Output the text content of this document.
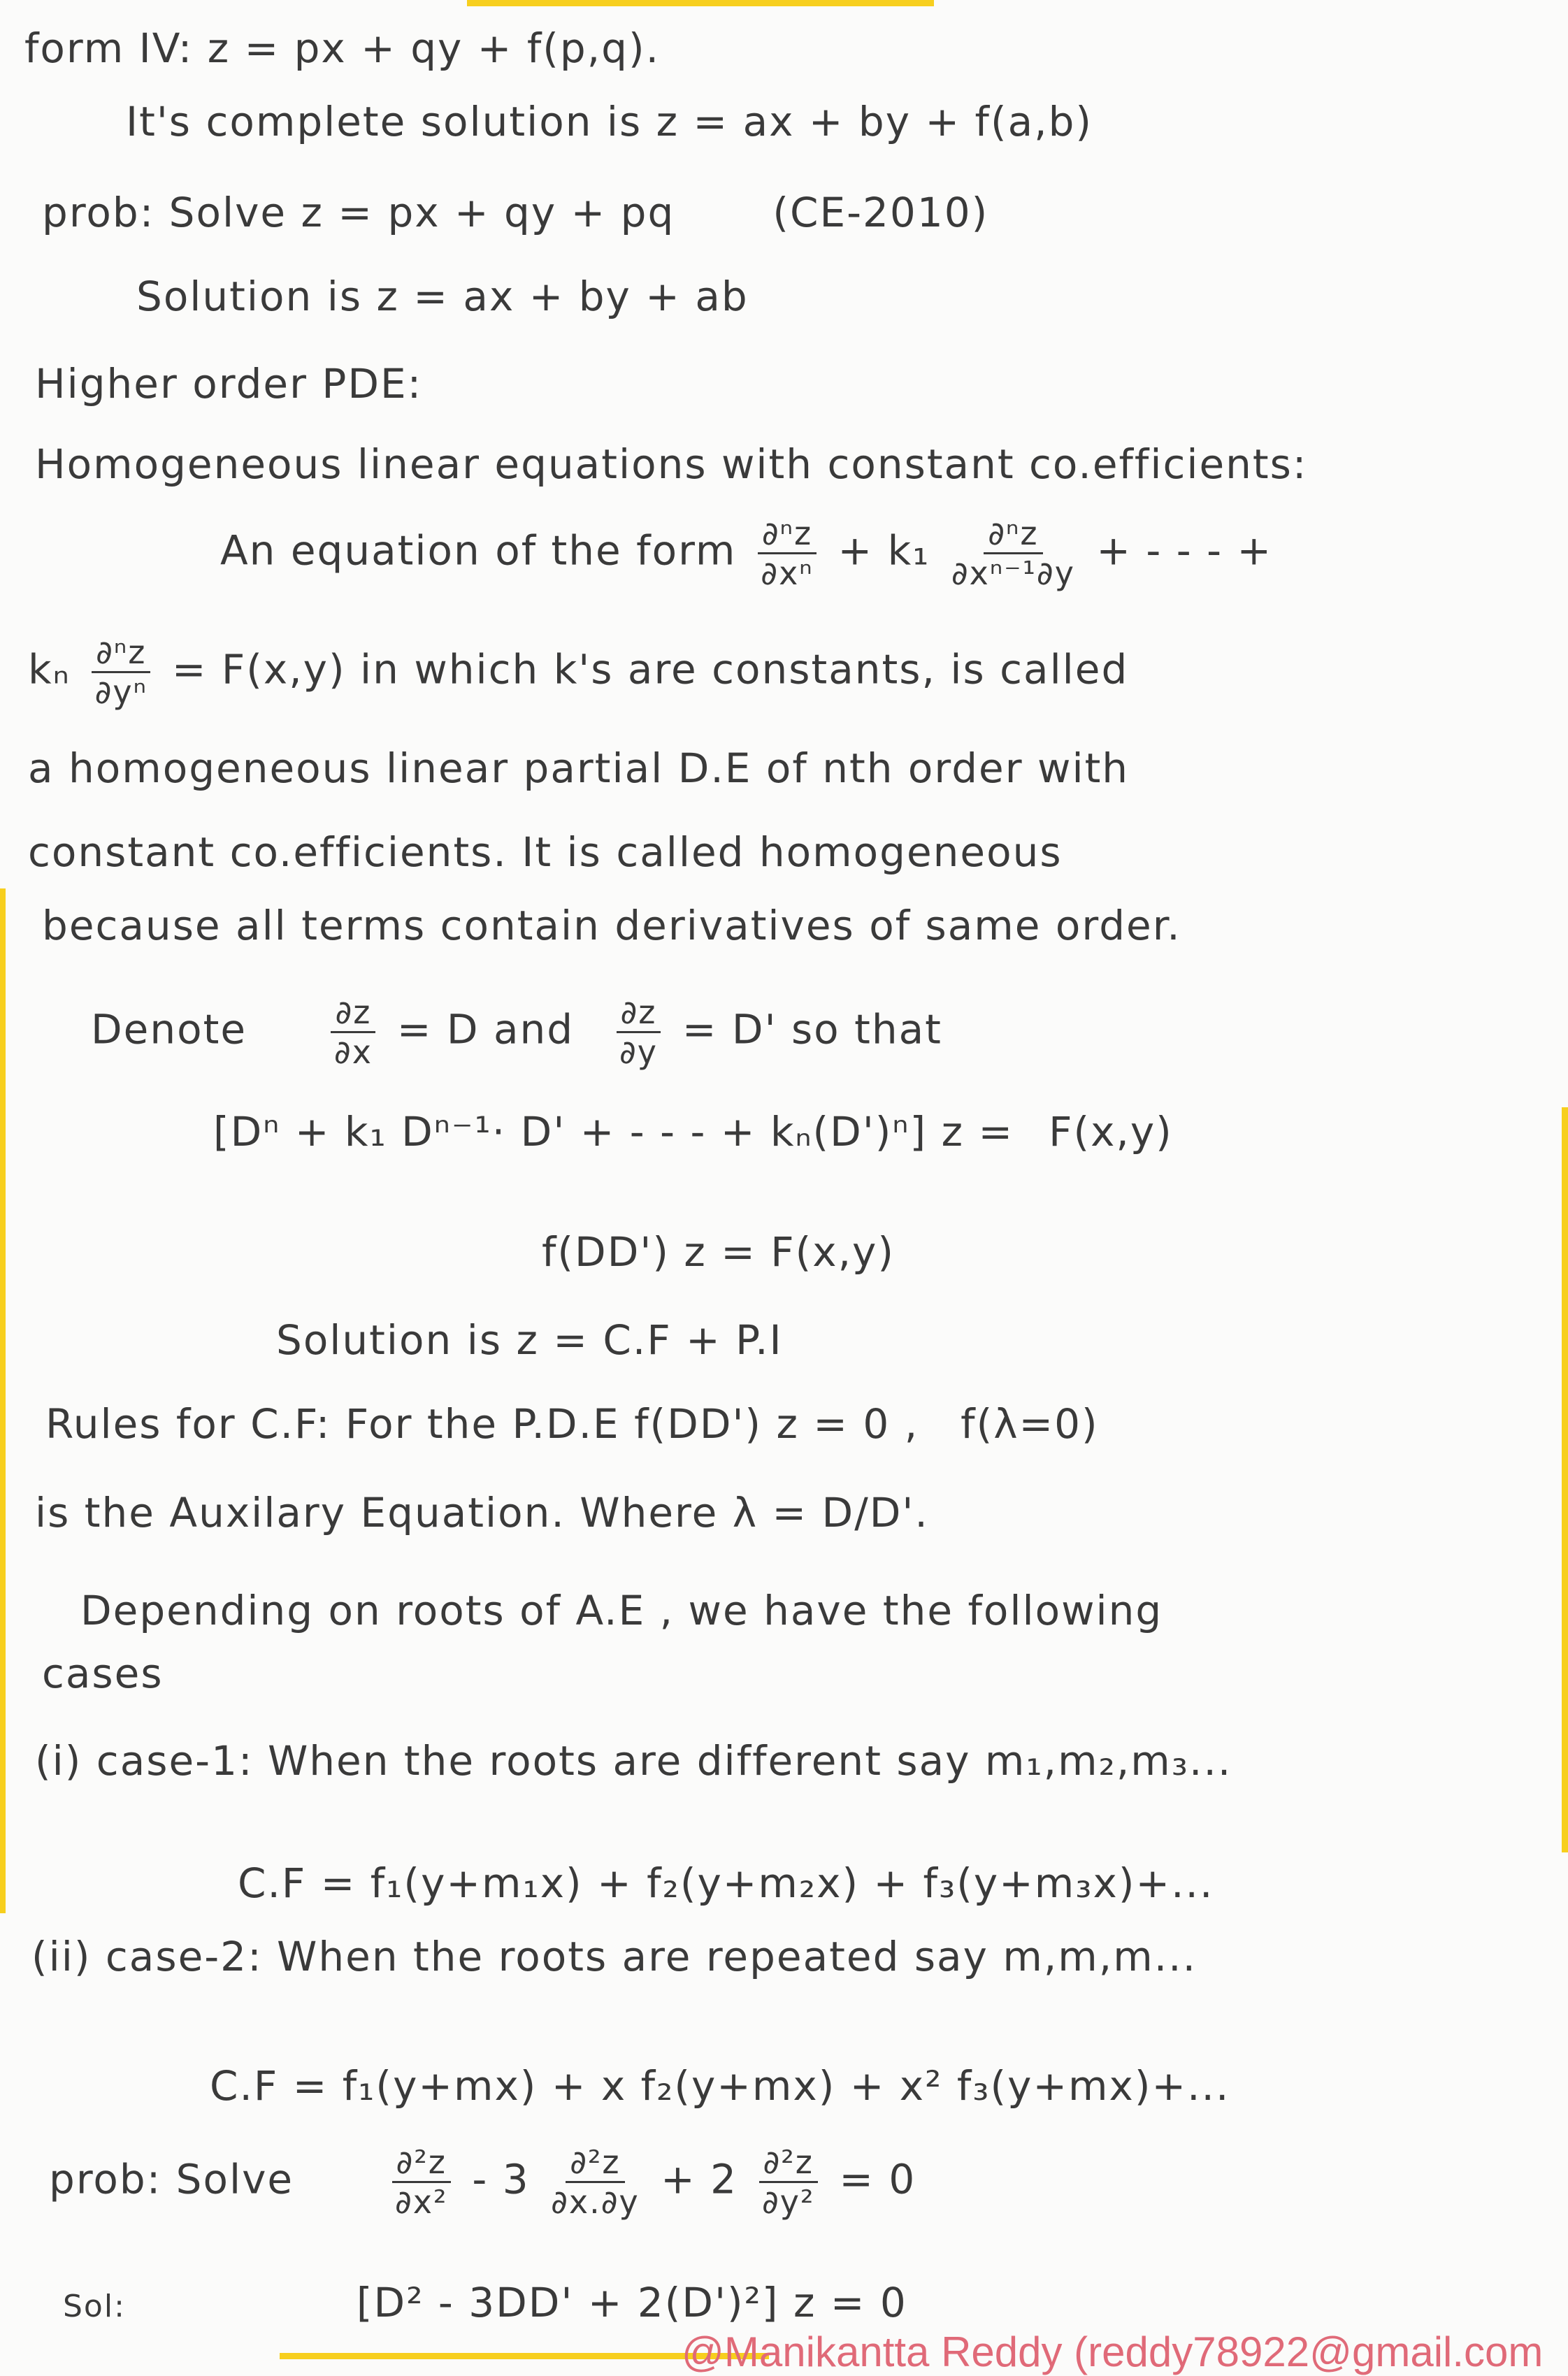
form IV: z = px + qy + f(p,q).
It's complete solution is z = ax + by + f(a,b)
prob: Solve z = px + qy + pq (CE-2010)
Solution is z = ax + by + ab
Higher order PDE:
Homogeneous linear equations with constant co.efficients:
An equation of the form $\frac{\text{∂ⁿz}}{\text{∂xⁿ}} + k_1 \frac{\text{∂ⁿz}}{\text{∂xⁿ⁻¹∂y}}$ + - - - +
kₙ $\frac{\text{∂ⁿz}}{\text{∂yⁿ}} = F(x,y)$ in which k's are constants, is called
a homogeneous linear partial D.E of nth order with
constant co.efficients. It is called homogeneous
because all terms contain derivatives of same order.
Denote	$\frac{\partial z}{\partial x} = D$ and $\frac{\partial z}{\partial y} = D'$ so that
[Dⁿ + k₁ Dⁿ⁻¹· D' + - - - + kₙ(D')ⁿ] z = F(x,y)
f(DD') z = F(x,y)
Solution is z = C.F + P.I
Rules for C.F: For the P.D.E f(DD') z = 0 , f(λ=0)
is the Auxilary Equation. Where λ = D/D'.
Depending on roots of A.E , we have the following
cases
(i) case-1: When the roots are different say m₁,m₂,m₃...
C.F = f₁(y+m₁x) + f₂(y+m₂x) + f₃(y+m₃x)+...
(ii) case-2: When the roots are repeated say m,m,m...
C.F = f₁(y+mx) + x f₂(y+mx) + x² f₃(y+mx)+...
prob: Solve	$\frac{\text{∂²z}}{\text{∂x²}} - 3 \frac{\text{∂²z}}{\partial x.\partial y} + 2 \frac{\text{∂²z}}{\text{∂y²}} = 0$
Sol:	[D² - 3DD' + 2(D')²] z = 0
@Manikantta Reddy (reddy78922@gmail.com
